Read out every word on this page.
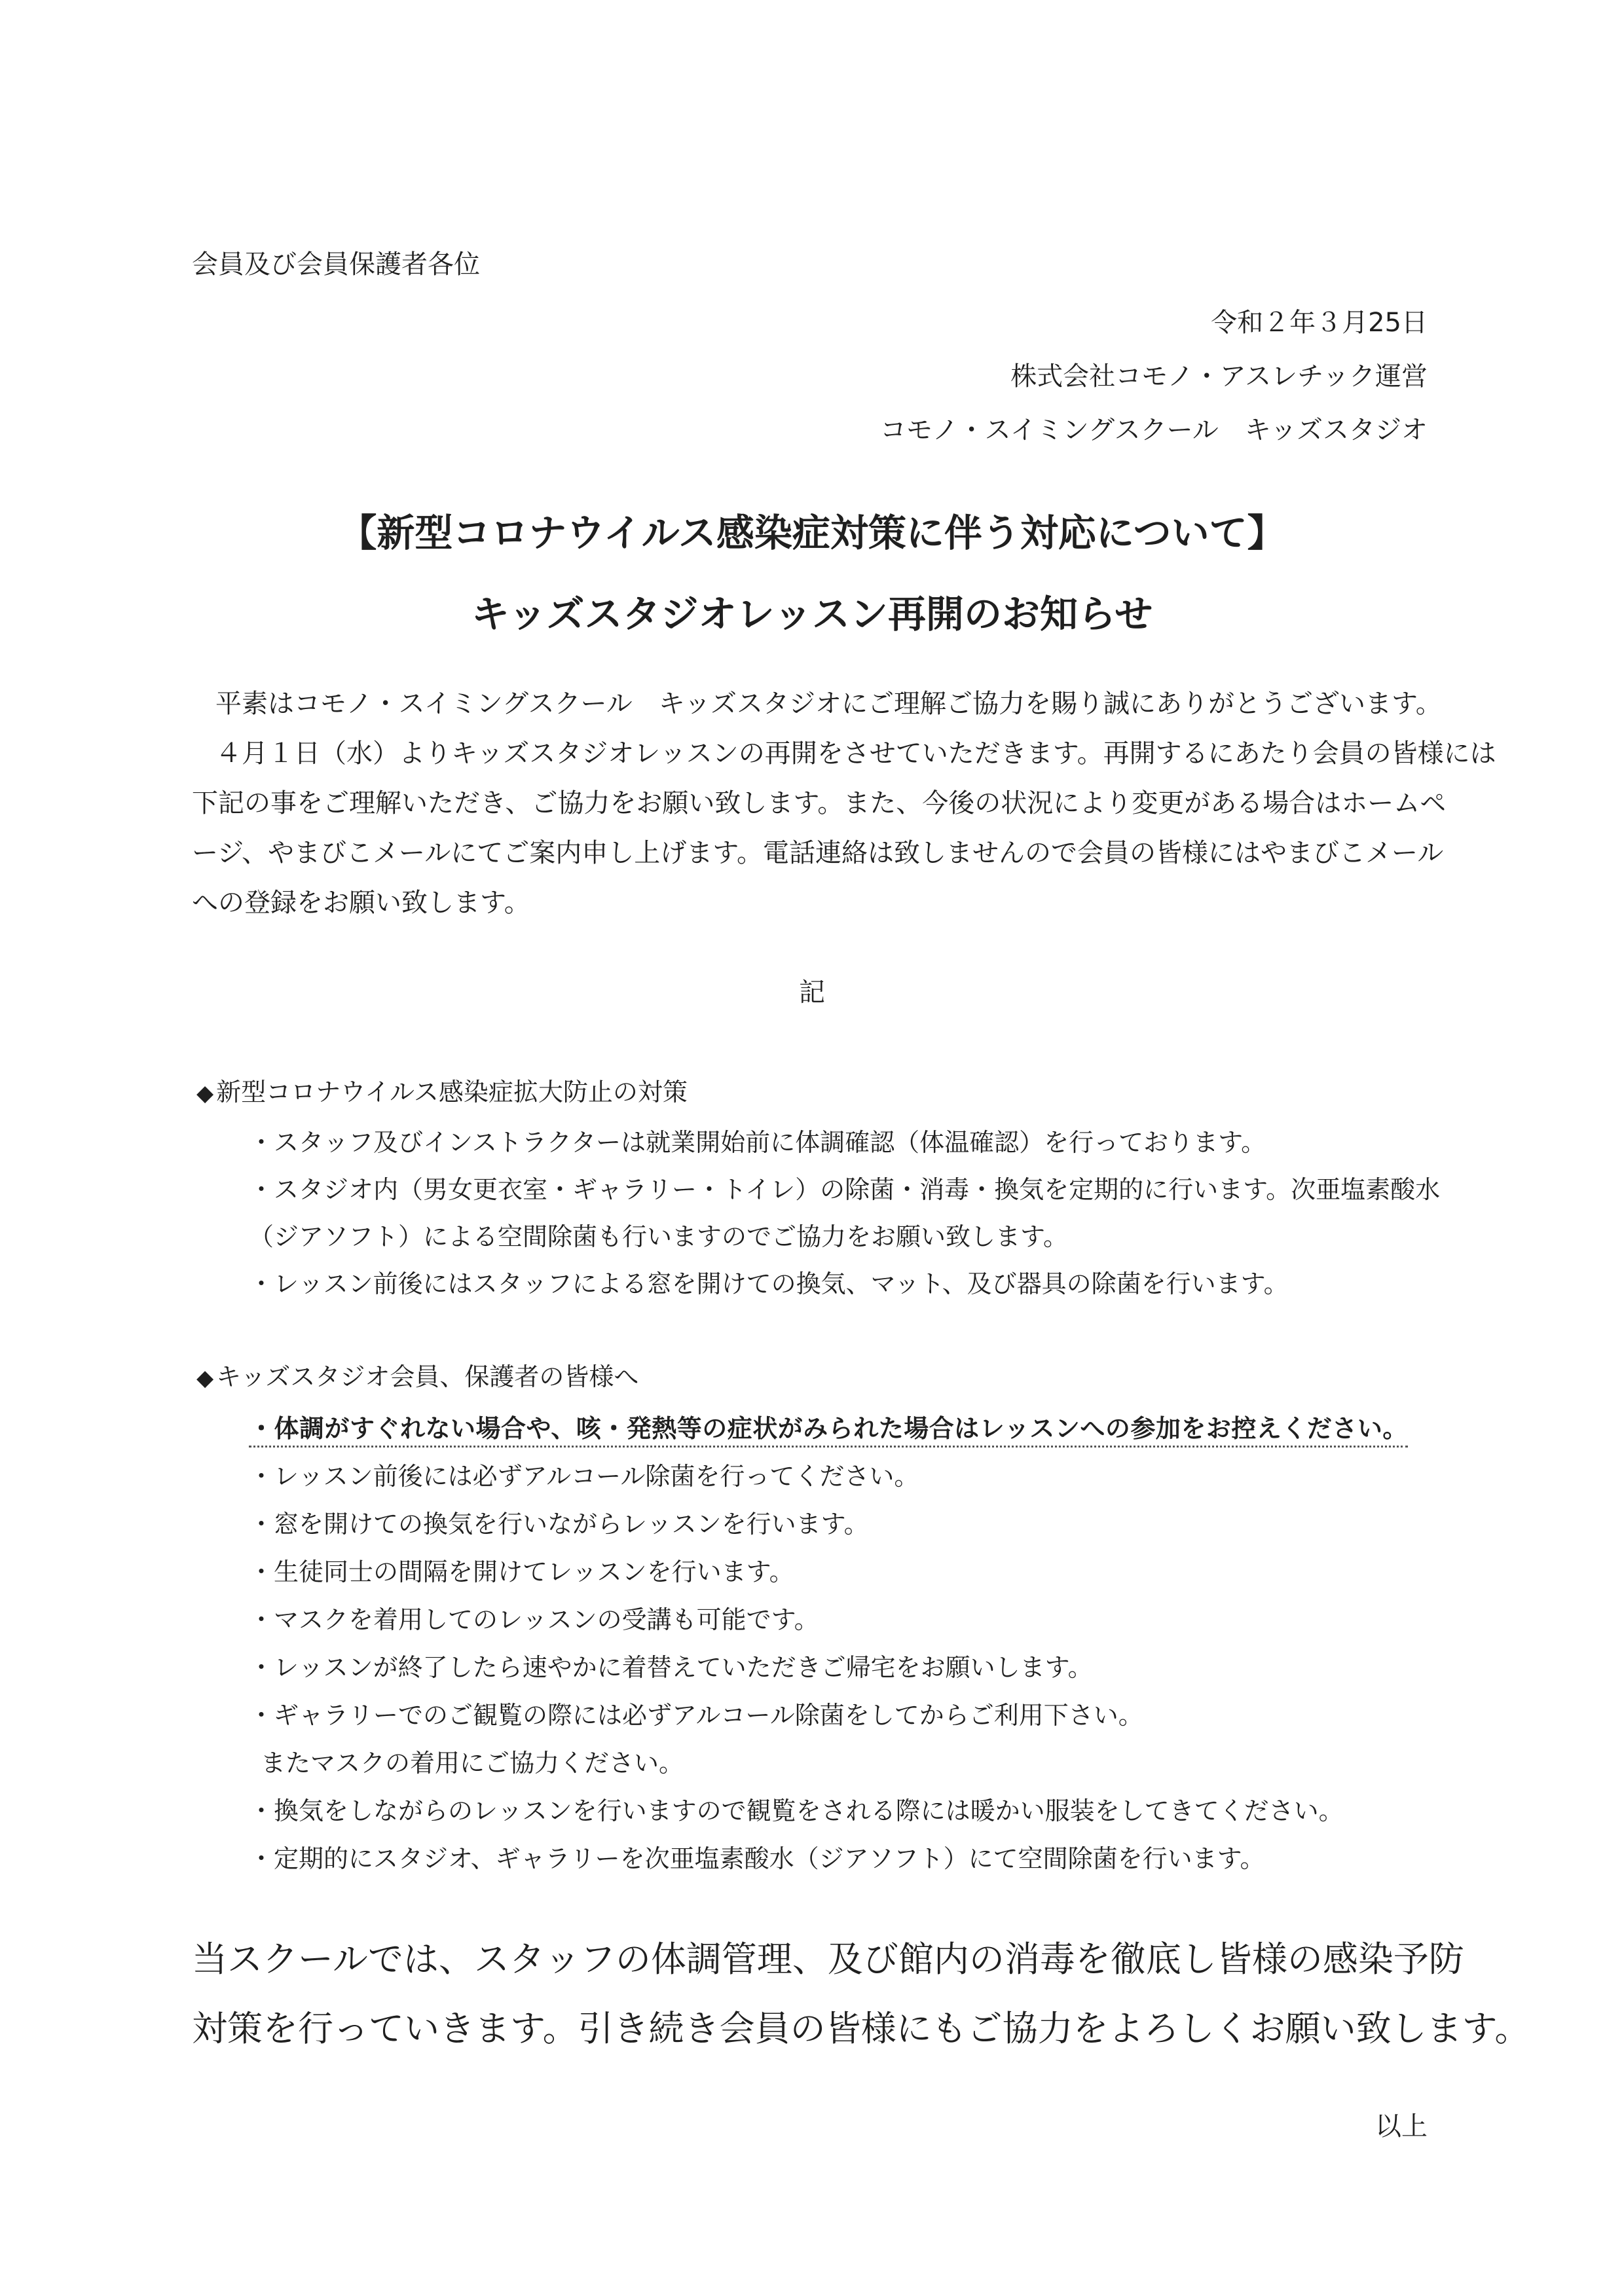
会員及び会員保護者各位
令和２年３月25日
株式会社コモノ・アスレチック運営
コモノ・スイミングスクール　キッズスタジオ
【新型コロナウイルス感染症対策に伴う対応について】
キッズスタジオレッスン再開のお知らせ

平素はコモノ・スイミングスクール　キッズスタジオにご理解ご協力を賜り誠にありがとうございます。

４月１日（水）よりキッズスタジオレッスンの再開をさせていただきます。再開するにあたり会員の皆様には

下記の事をご理解いただき、ご協力をお願い致します。また、今後の状況により変更がある場合はホームペ

ージ、やまびこメールにてご案内申し上げます。電話連絡は致しませんので会員の皆様にはやまびこメール

への登録をお願い致します。

記
◆ 新型コロナウイルス感染症拡大防止の対策
・スタッフ及びインストラクターは就業開始前に体調確認（体温確認）を行っております。
・スタジオ内（男女更衣室・ギャラリー・トイレ）の除菌・消毒・換気を定期的に行います。次亜塩素酸水
（ジアソフト）による空間除菌も行いますのでご協力をお願い致します。
・レッスン前後にはスタッフによる窓を開けての換気、マット、及び器具の除菌を行います。
◆ キッズスタジオ会員、保護者の皆様へ
・体調がすぐれない場合や、咳・発熱等の症状がみられた場合はレッスンへの参加をお控えください。
・レッスン前後には必ずアルコール除菌を行ってください。
・窓を開けての換気を行いながらレッスンを行います。
・生徒同士の間隔を開けてレッスンを行います。
・マスクを着用してのレッスンの受講も可能です。
・レッスンが終了したら速やかに着替えていただきご帰宅をお願いします。
・ギャラリーでのご観覧の際には必ずアルコール除菌をしてからご利用下さい。
またマスクの着用にご協力ください。
・換気をしながらのレッスンを行いますので観覧をされる際には暖かい服装をしてきてください。
・定期的にスタジオ、ギャラリーを次亜塩素酸水（ジアソフト）にて空間除菌を行います。

当スクールでは、スタッフの体調管理、及び館内の消毒を徹底し皆様の感染予防

対策を行っていきます。引き続き会員の皆様にもご協力をよろしくお願い致します。

以上
